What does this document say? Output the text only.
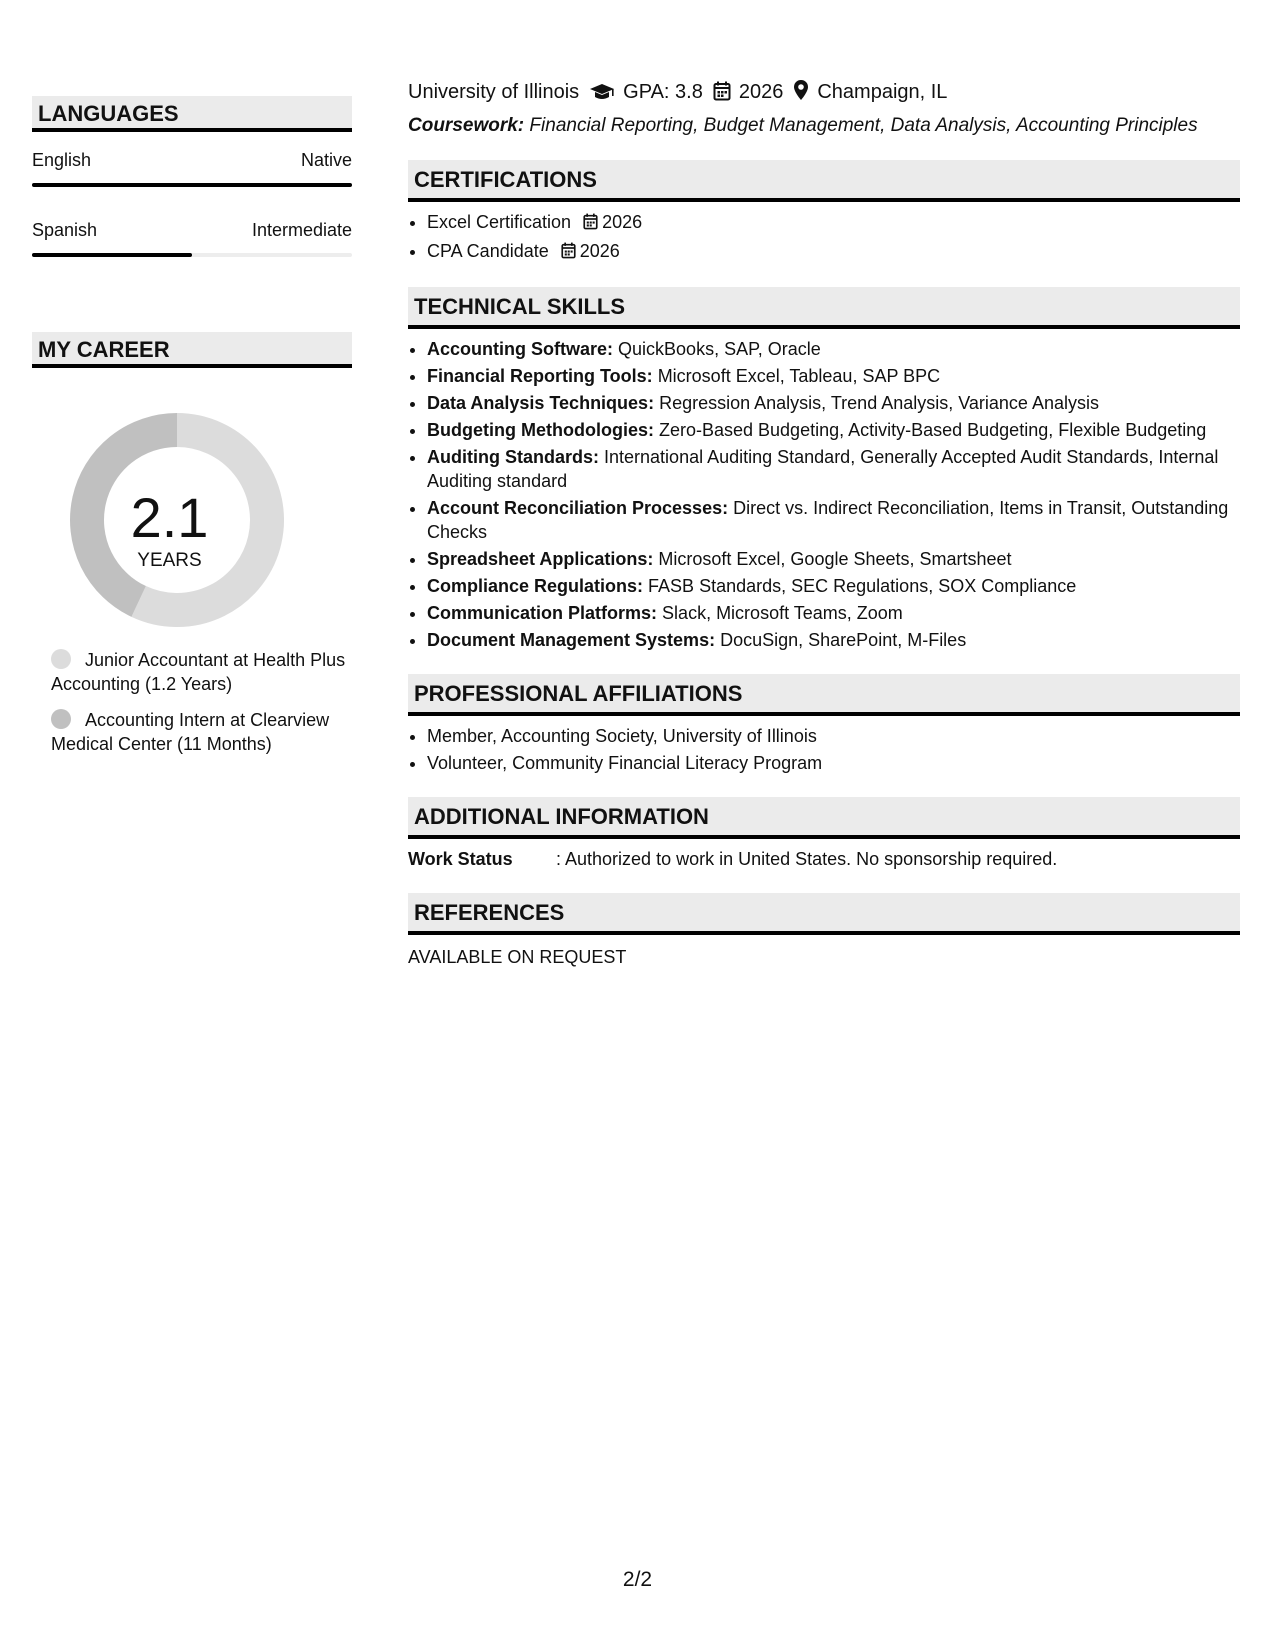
LANGUAGES
English	Native
Spanish	Intermediate
MY CAREER
2.1
YEARS
Junior Accountant at Health Plus Accounting (1.2 Years)
Accounting Intern at Clearview Medical Center (11 Months)
University of Illinois GPA: 3.8 2026 Champaign, IL
Coursework: Financial Reporting, Budget Management, Data Analysis, Accounting Principles
CERTIFICATIONS
• Excel Certification 2026
• CPA Candidate 2026
TECHNICAL SKILLS
• Accounting Software: QuickBooks, SAP, Oracle
• Financial Reporting Tools: Microsoft Excel, Tableau, SAP BPC
• Data Analysis Techniques: Regression Analysis, Trend Analysis, Variance Analysis
• Budgeting Methodologies: Zero-Based Budgeting, Activity-Based Budgeting, Flexible Budgeting
• Auditing Standards: International Auditing Standard, Generally Accepted Audit Standards, Internal Auditing standard
• Account Reconciliation Processes: Direct vs. Indirect Reconciliation, Items in Transit, Outstanding Checks
• Spreadsheet Applications: Microsoft Excel, Google Sheets, Smartsheet
• Compliance Regulations: FASB Standards, SEC Regulations, SOX Compliance
• Communication Platforms: Slack, Microsoft Teams, Zoom
• Document Management Systems: DocuSign, SharePoint, M-Files
PROFESSIONAL AFFILIATIONS
• Member, Accounting Society, University of Illinois
• Volunteer, Community Financial Literacy Program
ADDITIONAL INFORMATION
Work Status : Authorized to work in United States. No sponsorship required.
REFERENCES
AVAILABLE ON REQUEST
2/2
